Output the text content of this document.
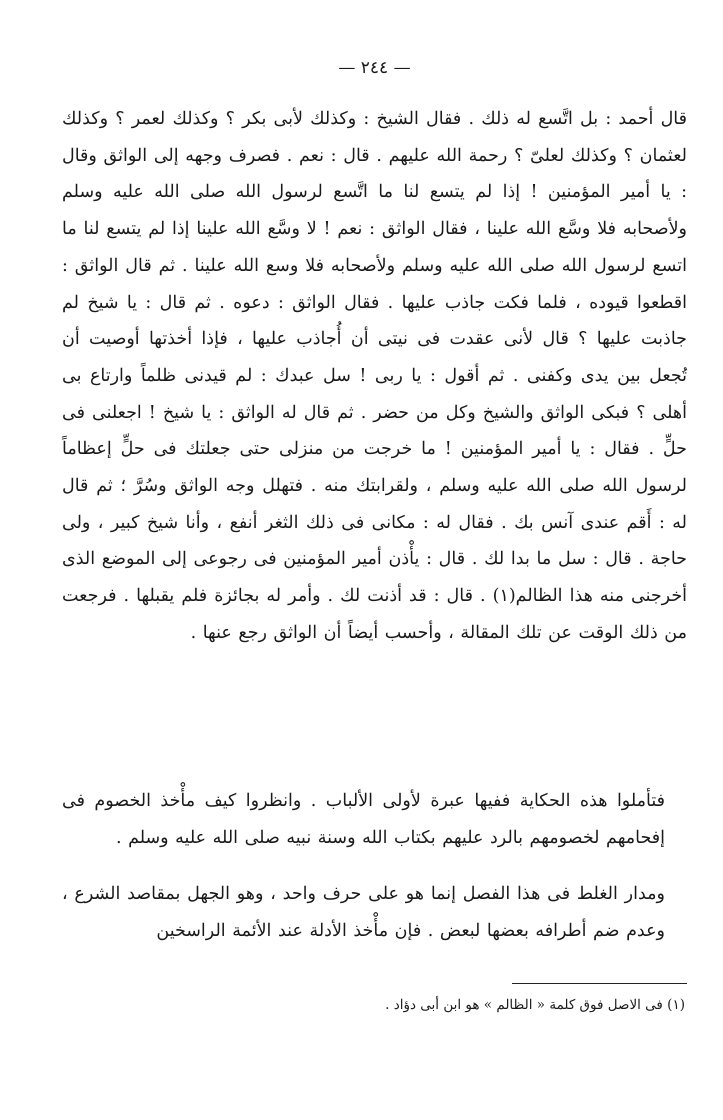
— ٢٤٤ —

قال أحمد : بل اتَّسع له ذلك . فقال الشيخ : وكذلك لأبى بكر ؟ وكذلك لعمر ؟ وكذلك لعثمان ؟ وكذلك لعلىّ ؟ رحمة الله عليهم . قال : نعم . فصرف وجهه إلى الواثق وقال : يا أمير المؤمنين ! إذا لم يتسع لنا ما اتَّسع لرسول الله صلى الله عليه وسلم ولأصحابه فلا وسَّع الله علينا ، فقال الواثق : نعم ! لا وسَّع الله علينا إذا لم يتسع لنا ما اتسع لرسول الله صلى الله عليه وسلم ولأصحابه فلا وسع الله علينا . ثم قال الواثق : اقطعوا قيوده ، فلما فكت جاذب عليها . فقال الواثق : دعوه . ثم قال : يا شيخ لم جاذبت عليها ؟ قال لأنى عقدت فى نيتى أن أُجاذب عليها ، فإذا أخذتها أوصيت أن تُجعل بين يدى وكفنى . ثم أقول : يا ربى ! سل عبدك : لم قيدنى ظلماً وارتاع بى أهلى ؟ فبكى الواثق والشيخ وكل من حضر . ثم قال له الواثق : يا شيخ ! اجعلنى فى حلٍّ . فقال : يا أمير المؤمنين ! ما خرجت من منزلى حتى جعلتك فى حلٍّ إعظاماً لرسول الله صلى الله عليه وسلم ، ولقرابتك منه . فتهلل وجه الواثق وسُرَّ ؛ ثم قال له : أَقم عندى آنس بك . فقال له : مكانى فى ذلك الثغر أنفع ، وأنا شيخ كبير ، ولى حاجة . قال : سل ما بدا لك . قال : يأْذن أمير المؤمنين فى رجوعى إلى الموضع الذى أخرجنى منه هذا الظالم(١) . قال : قد أذنت لك . وأمر له بجائزة فلم يقبلها . فرجعت من ذلك الوقت عن تلك المقالة ، وأحسب أيضاً أن الواثق رجع عنها .

فتأملوا هذه الحكاية ففيها عبرة لأولى الألباب . وانظروا كيف مأْخذ الخصوم فى إفحامهم لخصومهم بالرد عليهم بكتاب الله وسنة نبيه صلى الله عليه وسلم .

ومدار الغلط فى هذا الفصل إنما هو على حرف واحد ، وهو الجهل بمقاصد الشرع ، وعدم ضم أطرافه بعضها لبعض . فإن مأْخذ الأدلة عند الأئمة الراسخين

(١) فى الاصل فوق كلمة « الظالم » هو ابن أبى دؤاد .
